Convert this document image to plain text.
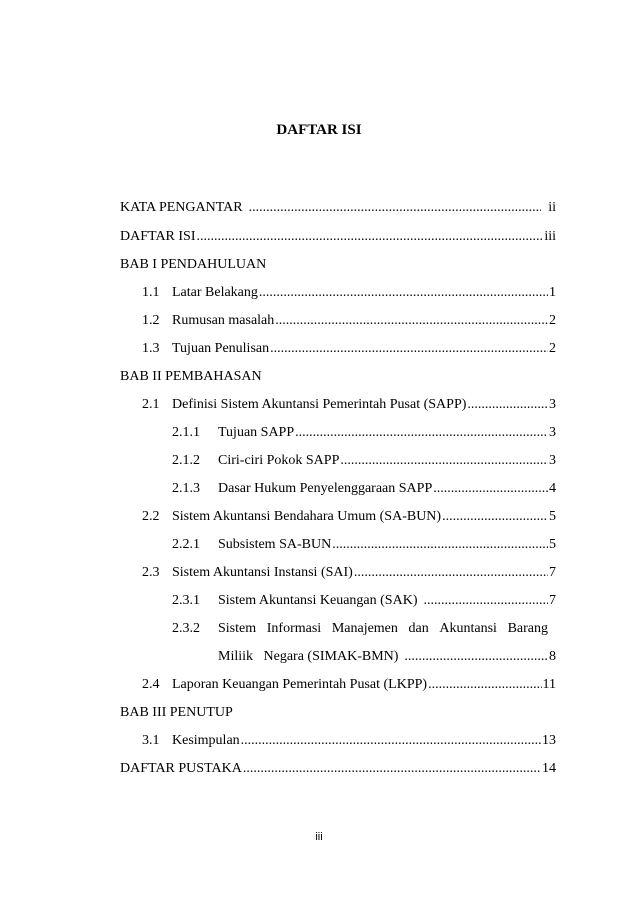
DAFTAR ISI
KATA PENGANTAR .....	ii
DAFTAR ISI .....	iii
BAB I PENDAHULUAN
1.1 Latar Belakang .....	1
1.2 Rumusan masalah .....	2
1.3 Tujuan Penulisan .....	2
BAB II PEMBAHASAN
2.1 Definisi Sistem Akuntansi Pemerintah Pusat (SAPP) .....	3
2.1.1	Tujuan SAPP .....	3
2.1.2	Ciri-ciri Pokok SAPP .....	3
2.1.3	Dasar Hukum Penyelenggaraan SAPP .....	4
2.2 Sistem Akuntansi Bendahara Umum (SA-BUN) .....	5
2.2.1	Subsistem SA-BUN .....	5
2.3 Sistem Akuntansi Instansi (SAI) .....	7
2.3.1	Sistem Akuntansi Keuangan (SAK) .....	7
2.3.2 Sistem Informasi Manajemen dan Akuntansi Barang
Miliik   Negara (SIMAK-BMN) .....	8
2.4 Laporan Keuangan Pemerintah Pusat (LKPP) .....	11
BAB III PENUTUP
3.1 Kesimpulan .....	13
DAFTAR PUSTAKA .....	14
iii
